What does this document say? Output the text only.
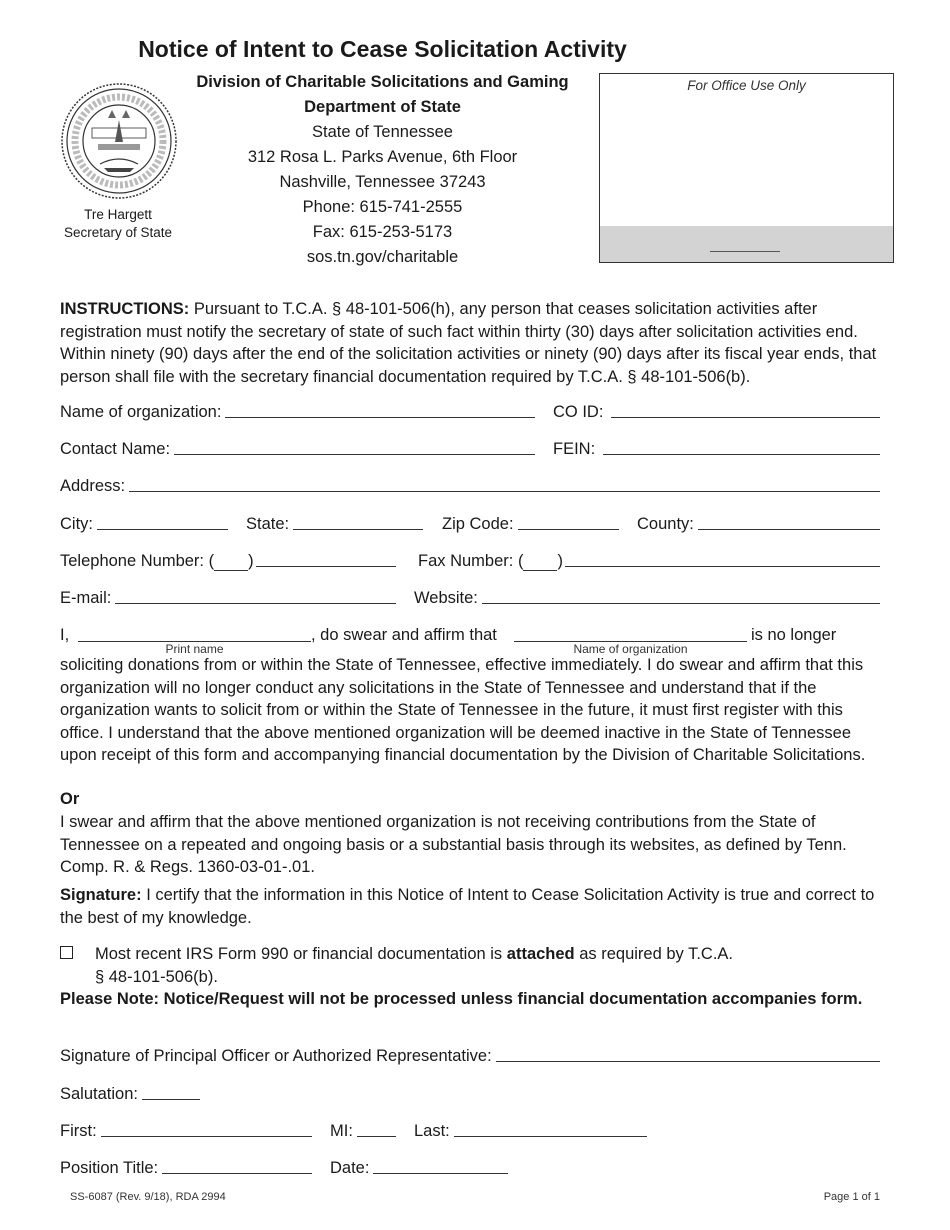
Notice of Intent to Cease Solicitation Activity
Tre Hargett
Secretary of State
Division of Charitable Solicitations and Gaming
Department of State
State of Tennessee
312 Rosa L. Parks Avenue, 6th Floor
Nashville, Tennessee 37243
Phone: 615-741-2555
Fax: 615-253-5173
sos.tn.gov/charitable
For Office Use Only
INSTRUCTIONS: Pursuant to T.C.A. § 48-101-506(h), any person that ceases solicitation activities after registration must notify the secretary of state of such fact within thirty (30) days after solicitation activities end. Within ninety (90) days after the end of the solicitation activities or ninety (90) days after its fiscal year ends, that person shall file with the secretary financial documentation required by T.C.A. § 48-101-506(b).
Name of organization:	CO ID:
Contact Name:	FEIN:
Address:
City:	State:	Zip Code:	County:
Telephone Number: ( )	Fax Number: ( )
E-mail:	Website:
I,
Print name
, do swear and affirm that
Name of organization
is no longer
soliciting donations from or within the State of Tennessee, effective immediately. I do swear and affirm that this organization will no longer conduct any solicitations in the State of Tennessee and understand that if the organization wants to solicit from or within the State of Tennessee in the future, it must first register with this office. I understand that the above mentioned organization will be deemed inactive in the State of Tennessee upon receipt of this form and accompanying financial documentation by the Division of Charitable Solicitations.
Or
I swear and affirm that the above mentioned organization is not receiving contributions from the State of Tennessee on a repeated and ongoing basis or a substantial basis through its websites, as defined by Tenn. Comp. R. & Regs. 1360-03-01-.01.
Signature: I certify that the information in this Notice of Intent to Cease Solicitation Activity is true and correct to the best of my knowledge.
Most recent IRS Form 990 or financial documentation is attached as required by T.C.A.
§ 48-101-506(b).
Please Note: Notice/Request will not be processed unless financial documentation accompanies form.
Signature of Principal Officer or Authorized Representative:
Salutation:
First:	MI:	Last:
Position Title:	Date:
SS-6087 (Rev. 9/18), RDA 2994	Page 1 of 1
